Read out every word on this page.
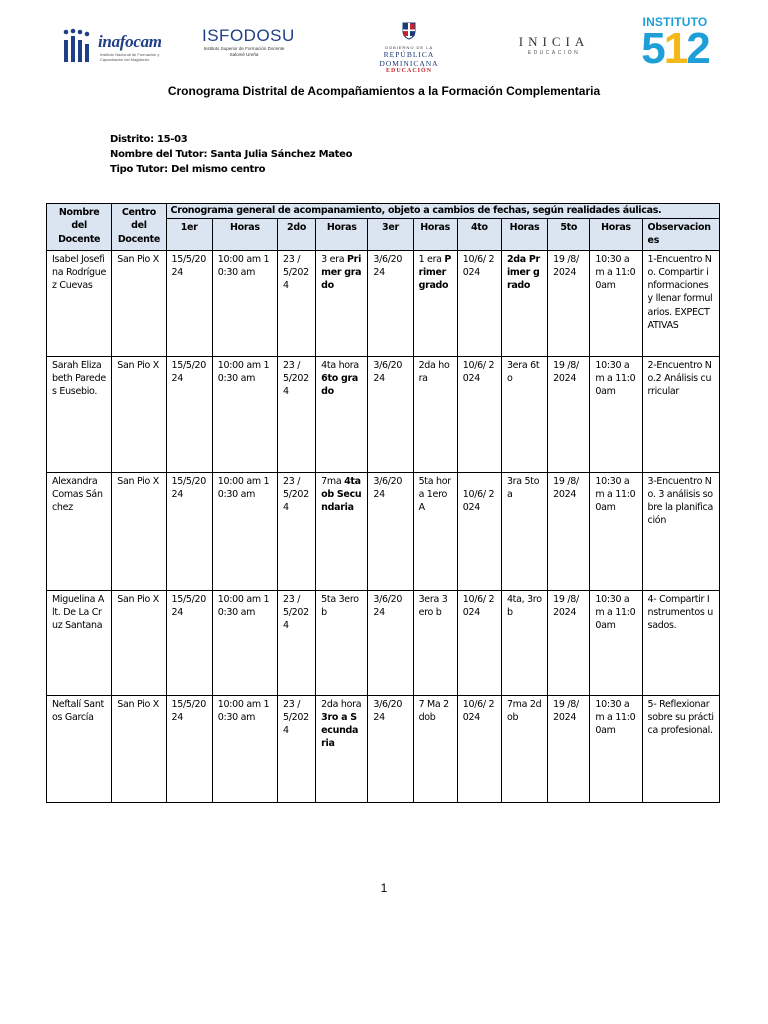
inafocam
Instituto Nacional de Formación y Capacitación del Magisterio
ISFODOSU
Instituto Superior de Formación Docente Salomé Ureña
GOBIERNO DE LA
REPÚBLICA DOMINICANA
EDUCACIÓN
INICIA
EDUCACIÓN
INSTITUTO
512
Cronograma Distrital de Acompañamientos a la Formación Complementaria
Distrito: 15-03
Nombre del Tutor: Santa Julia Sánchez Mateo
Tipo Tutor: Del mismo centro
Nombre del Docente	Centro del Docente	Cronograma general de acompanamiento, objeto a cambios de fechas, según realidades áulicas.										
		1er	Horas	2do	Horas	3er	Horas	4to	Horas	5to	Horas	Observaciones
Isabel Josefina Rodríguez Cuevas	San Pio X	15/5/2024	10:00 am 10:30 am	23 / 5/2024	3 era Primer grado	3/6/2024	1 era Primer grado	10/6/ 2024	2da Primer grado	19 /8/2024	10:30 am a 11:00am	1-Encuentro No. Compartir informaciones y llenar formularios. EXPECTATIVAS
Sarah Elizabeth Paredes Eusebio.	San Pio X	15/5/2024	10:00 am 10:30 am	23 / 5/2024	4ta hora 6to grado	3/6/2024	2da hora	10/6/ 2024	3era 6to	19 /8/2024	10:30 am a 11:00am	2-Encuentro No.2 Análisis curricular
Alexandra Comas Sánchez	San Pio X	15/5/2024	10:00 am 10:30 am	23 / 5/2024	7ma 4taob Secundaria	3/6/2024	5ta hora 1eroA	10/6/ 2024	3ra 5toa	19 /8/2024	10:30 am a 11:00am	3-Encuentro No. 3 análisis sobre la planificación
Miguelina Alt. De La Cruz Santana	San Pio X	15/5/2024	10:00 am 10:30 am	23 / 5/2024	5ta 3ero b	3/6/2024	3era 3ero b	10/6/ 2024	4ta, 3rob	19 /8/2024	10:30 am a 11:00am	4- Compartir Instrumentos usados.
Neftalí Santos García	San Pio X	15/5/2024	10:00 am 10:30 am	23 / 5/2024	2da hora 3ro a Secundaria	3/6/2024	7 Ma 2dob	10/6/ 2024	7ma 2dob	19 /8/2024	10:30 am a 11:00am	5- Reflexionar sobre su práctica profesional.
1
